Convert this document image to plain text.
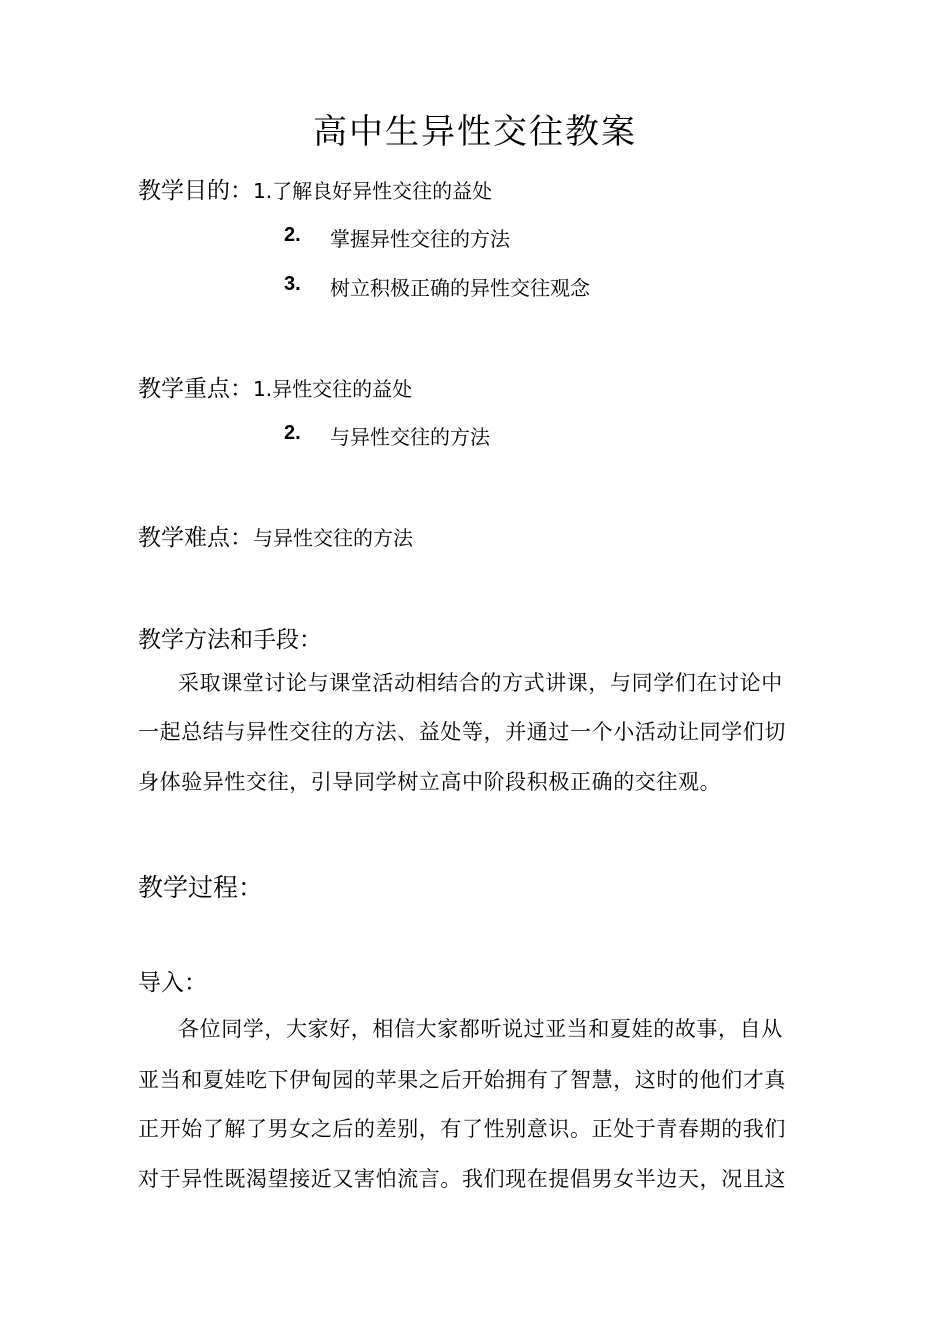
高中生异性交往教案
教学目的：1.了解良好异性交往的益处
2. 掌握异性交往的方法
3. 树立积极正确的异性交往观念
教学重点：1.异性交往的益处
2. 与异性交往的方法
教学难点：与异性交往的方法
教学方法和手段：
采取课堂讨论与课堂活动相结合的方式讲课，与同学们在讨论中
一起总结与异性交往的方法、益处等，并通过一个小活动让同学们切
身体验异性交往，引导同学树立高中阶段积极正确的交往观。
教学过程：
导入：
各位同学，大家好，相信大家都听说过亚当和夏娃的故事，自从
亚当和夏娃吃下伊甸园的苹果之后开始拥有了智慧，这时的他们才真
正开始了解了男女之后的差别，有了性别意识。正处于青春期的我们
对于异性既渴望接近又害怕流言。我们现在提倡男女半边天，况且这
